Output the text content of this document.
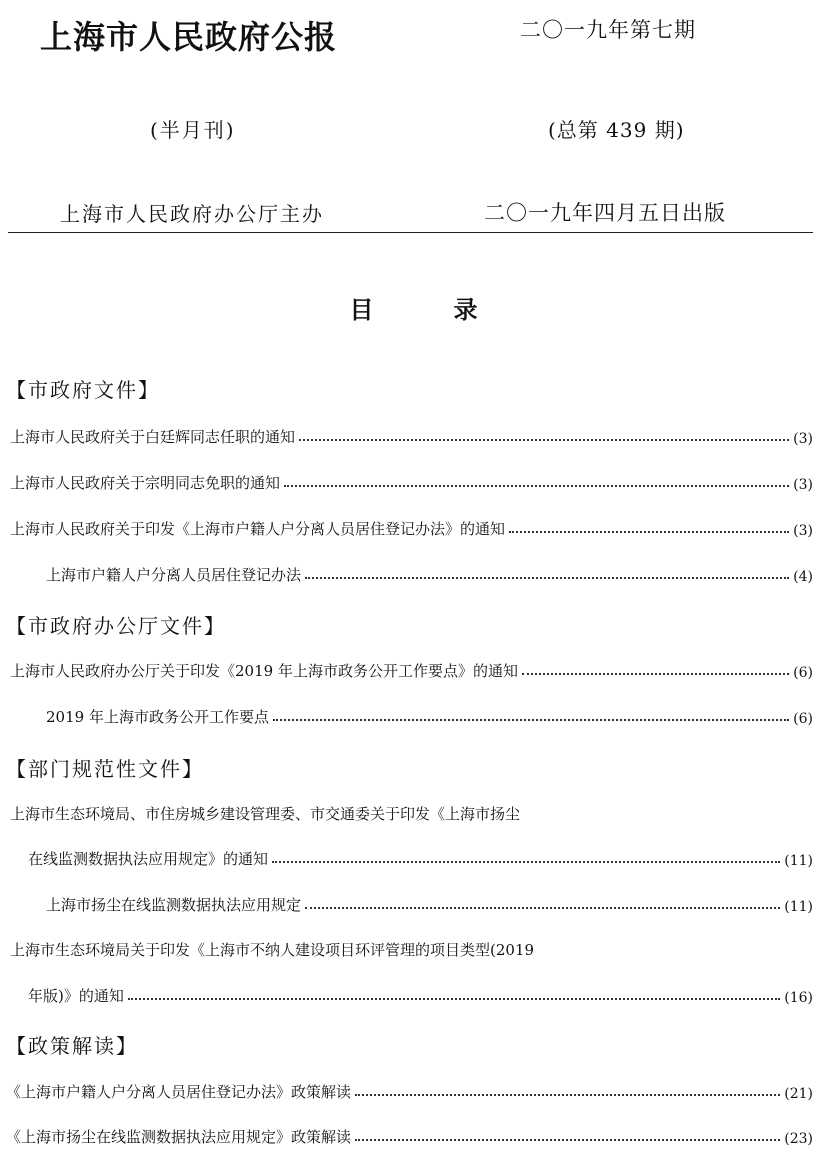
上海市人民政府公报	二〇一九年第七期
(半月刊)	(总第 439 期)
上海市人民政府办公厅主办	二〇一九年四月五日出版
目录
【市政府文件】
上海市人民政府关于白廷辉同志任职的通知	(3)
上海市人民政府关于宗明同志免职的通知	(3)
上海市人民政府关于印发《上海市户籍人户分离人员居住登记办法》的通知	(3)
上海市户籍人户分离人员居住登记办法	(4)
【市政府办公厅文件】
上海市人民政府办公厅关于印发《2019 年上海市政务公开工作要点》的通知	(6)
2019 年上海市政务公开工作要点	(6)
【部门规范性文件】
上海市生态环境局、市住房城乡建设管理委、市交通委关于印发《上海市扬尘
在线监测数据执法应用规定》的通知	(11)
上海市扬尘在线监测数据执法应用规定	(11)
上海市生态环境局关于印发《上海市不纳人建设项目环评管理的项目类型(2019
年版)》的通知	(16)
【政策解读】
《上海市户籍人户分离人员居住登记办法》政策解读	(21)
《上海市扬尘在线监测数据执法应用规定》政策解读	(23)
